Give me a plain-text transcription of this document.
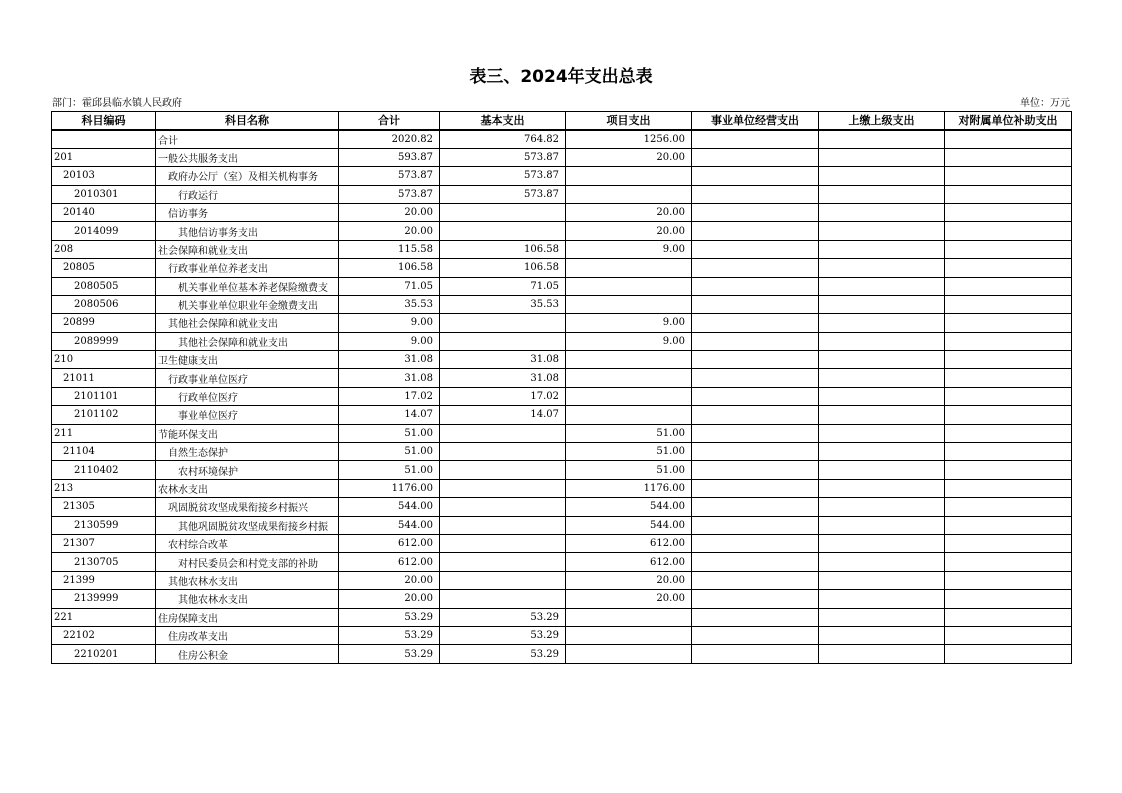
表三、2024年支出总表
部门：霍邱县临水镇人民政府	单位：万元
科目编码	科目名称	合计	基本支出	项目支出	事业单位经营支出	上缴上级支出	对附属单位补助支出
	合计	2020.82	764.82	1256.00			
201	一般公共服务支出	593.87	573.87	20.00			
20103	政府办公厅（室）及相关机构事务	573.87	573.87				
2010301	行政运行	573.87	573.87				
20140	信访事务	20.00		20.00			
2014099	其他信访事务支出	20.00		20.00			
208	社会保障和就业支出	115.58	106.58	9.00			
20805	行政事业单位养老支出	106.58	106.58				
2080505	机关事业单位基本养老保险缴费支	71.05	71.05				
2080506	机关事业单位职业年金缴费支出	35.53	35.53				
20899	其他社会保障和就业支出	9.00		9.00			
2089999	其他社会保障和就业支出	9.00		9.00			
210	卫生健康支出	31.08	31.08				
21011	行政事业单位医疗	31.08	31.08				
2101101	行政单位医疗	17.02	17.02				
2101102	事业单位医疗	14.07	14.07				
211	节能环保支出	51.00		51.00			
21104	自然生态保护	51.00		51.00			
2110402	农村环境保护	51.00		51.00			
213	农林水支出	1176.00		1176.00			
21305	巩固脱贫攻坚成果衔接乡村振兴	544.00		544.00			
2130599	其他巩固脱贫攻坚成果衔接乡村振	544.00		544.00			
21307	农村综合改革	612.00		612.00			
2130705	对村民委员会和村党支部的补助	612.00		612.00			
21399	其他农林水支出	20.00		20.00			
2139999	其他农林水支出	20.00		20.00			
221	住房保障支出	53.29	53.29				
22102	住房改革支出	53.29	53.29				
2210201	住房公积金	53.29	53.29				
